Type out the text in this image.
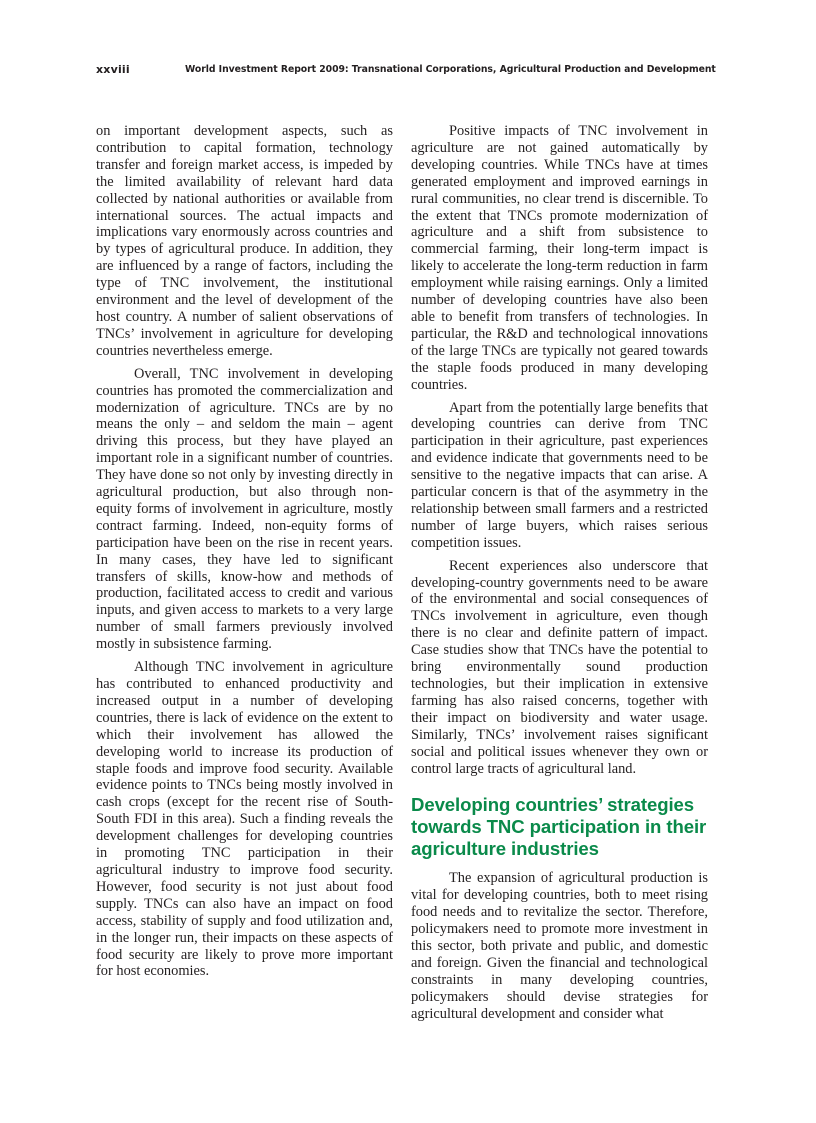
xxviii	World Investment Report 2009: Transnational Corporations, Agricultural Production and Development

on important development aspects, such as contribution to capital formation, technology transfer and foreign market access, is impeded by the limited availability of relevant hard data collected by national authorities or available from international sources. The actual impacts and implications vary enormously across countries and by types of agricultural produce. In addition, they are influenced by a range of factors, including the type of TNC involvement, the institutional environment and the level of development of the host country. A number of salient observations of TNCs’ involvement in agriculture for developing countries nevertheless emerge.

Overall, TNC involvement in developing countries has promoted the commercialization and modernization of agriculture. TNCs are by no means the only – and seldom the main – agent driving this process, but they have played an important role in a significant number of countries. They have done so not only by investing directly in agricultural production, but also through non-equity forms of involvement in agriculture, mostly contract farming. Indeed, non-equity forms of participation have been on the rise in recent years. In many cases, they have led to significant transfers of skills, know-how and methods of production, facilitated access to credit and various inputs, and given access to markets to a very large number of small farmers previously involved mostly in subsistence farming.

Although TNC involvement in agriculture has contributed to enhanced productivity and increased output in a number of developing countries, there is lack of evidence on the extent to which their involvement has allowed the developing world to increase its production of staple foods and improve food security. Available evidence points to TNCs being mostly involved in cash crops (except for the recent rise of South-South FDI in this area). Such a finding reveals the development challenges for developing countries in promoting TNC participation in their agricultural industry to improve food security. However, food security is not just about food supply. TNCs can also have an impact on food access, stability of supply and food utilization and, in the longer run, their impacts on these aspects of food security are likely to prove more important for host economies.

Positive impacts of TNC involvement in agriculture are not gained automatically by developing countries. While TNCs have at times generated employment and improved earnings in rural communities, no clear trend is discernible. To the extent that TNCs promote modernization of agriculture and a shift from subsistence to commercial farming, their long-term impact is likely to accelerate the long-term reduction in farm employment while raising earnings. Only a limited number of developing countries have also been able to benefit from transfers of technologies. In particular, the R&D and technological innovations of the large TNCs are typically not geared towards the staple foods produced in many developing countries.

Apart from the potentially large benefits that developing countries can derive from TNC participation in their agriculture, past experiences and evidence indicate that governments need to be sensitive to the negative impacts that can arise. A particular concern is that of the asymmetry in the relationship between small farmers and a restricted number of large buyers, which raises serious competition issues.

Recent experiences also underscore that developing-country governments need to be aware of the environmental and social consequences of TNCs involvement in agriculture, even though there is no clear and definite pattern of impact. Case studies show that TNCs have the potential to bring environmentally sound production technologies, but their implication in extensive farming has also raised concerns, together with their impact on biodiversity and water usage. Similarly, TNCs’ involvement raises significant social and political issues whenever they own or control large tracts of agricultural land.

Developing countries’ strategies towards TNC participation in their agriculture industries

The expansion of agricultural production is vital for developing countries, both to meet rising food needs and to revitalize the sector. Therefore, policymakers need to promote more investment in this sector, both private and public, and domestic and foreign. Given the financial and technological constraints in many developing countries, policymakers should devise strategies for agricultural development and consider what
